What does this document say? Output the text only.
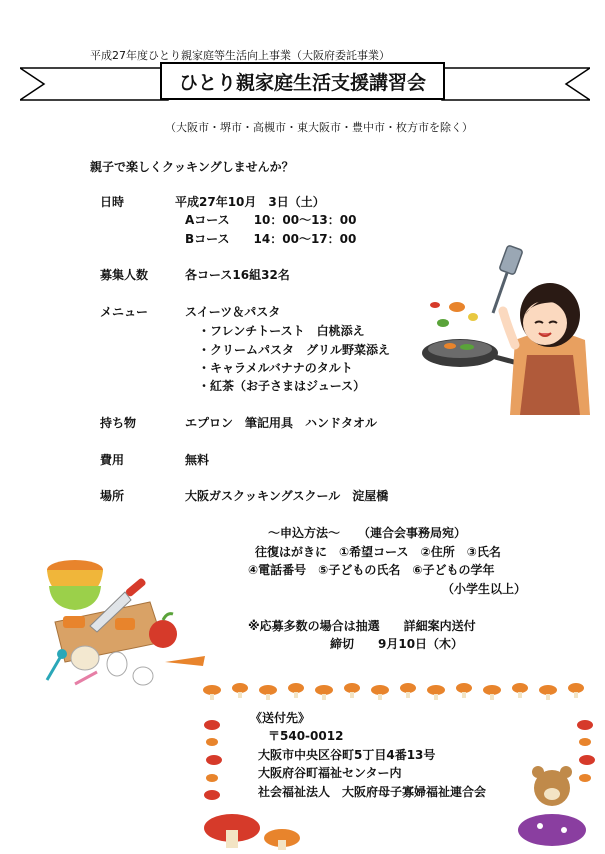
平成27年度ひとり親家庭等生活向上事業（大阪府委託事業）
ひとり親家庭生活支援講習会
（大阪市・堺市・高槻市・東大阪市・豊中市・枚方市を除く）
親子で楽しくクッキングしませんか？
日時	平成27年10月　3日（土）
Aコース　　10：00～13：00
Bコース　　14：00～17：00
募集人数	各コース16組32名
メニュー	スイーツ＆パスタ
・フレンチトースト　白桃添え
・クリームパスタ　グリル野菜添え
・キャラメルバナナのタルト
・紅茶（お子さまはジュース）
持ち物	エプロン　筆記用具　ハンドタオル
費用	無料
場所	大阪ガスクッキングスクール　淀屋橋
～申込方法～　　（連合会事務局宛）
往復はがきに　①希望コース　②住所　③氏名
④電話番号　⑤子どもの氏名　⑥子どもの学年
（小学生以上）
※応募多数の場合は抽選　　詳細案内送付
締切　　9月10日（木）
《送付先》
〒540-0012
大阪市中央区谷町5丁目4番13号
大阪府谷町福祉センター内
社会福祉法人　大阪府母子寡婦福祉連合会
